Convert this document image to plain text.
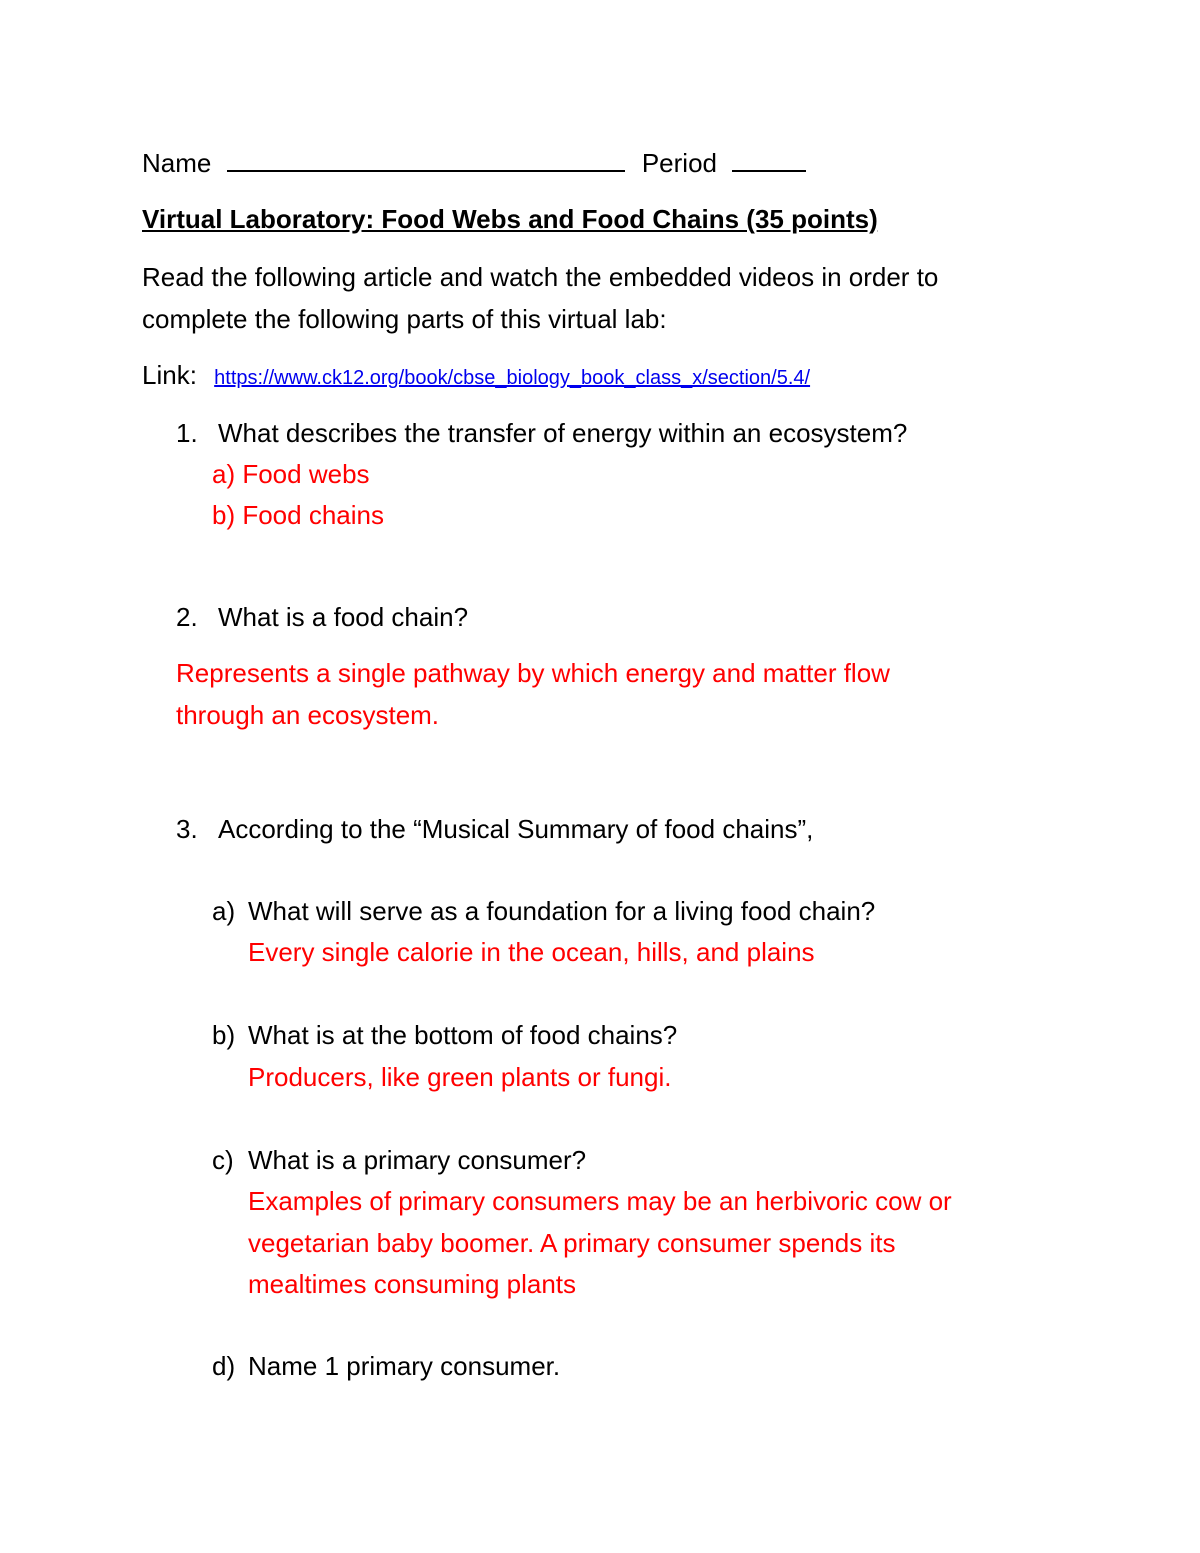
Name	Period
Virtual Laboratory: Food Webs and Food Chains (35 points)
Read the following article and watch the embedded videos in order to
complete the following parts of this virtual lab:
Link: https://www.ck12.org/book/cbse_biology_book_class_x/section/5.4/
1. What describes the transfer of energy within an ecosystem?
a) Food webs
b) Food chains
2. What is a food chain?
Represents a single pathway by which energy and matter flow
through an ecosystem.
3. According to the “Musical Summary of food chains”,
a) What will serve as a foundation for a living food chain?
Every single calorie in the ocean, hills, and plains
b) What is at the bottom of food chains?
Producers, like green plants or fungi.
c) What is a primary consumer?
Examples of primary consumers may be an herbivoric cow or
vegetarian baby boomer. A primary consumer spends its
mealtimes consuming plants
d) Name 1 primary consumer.
